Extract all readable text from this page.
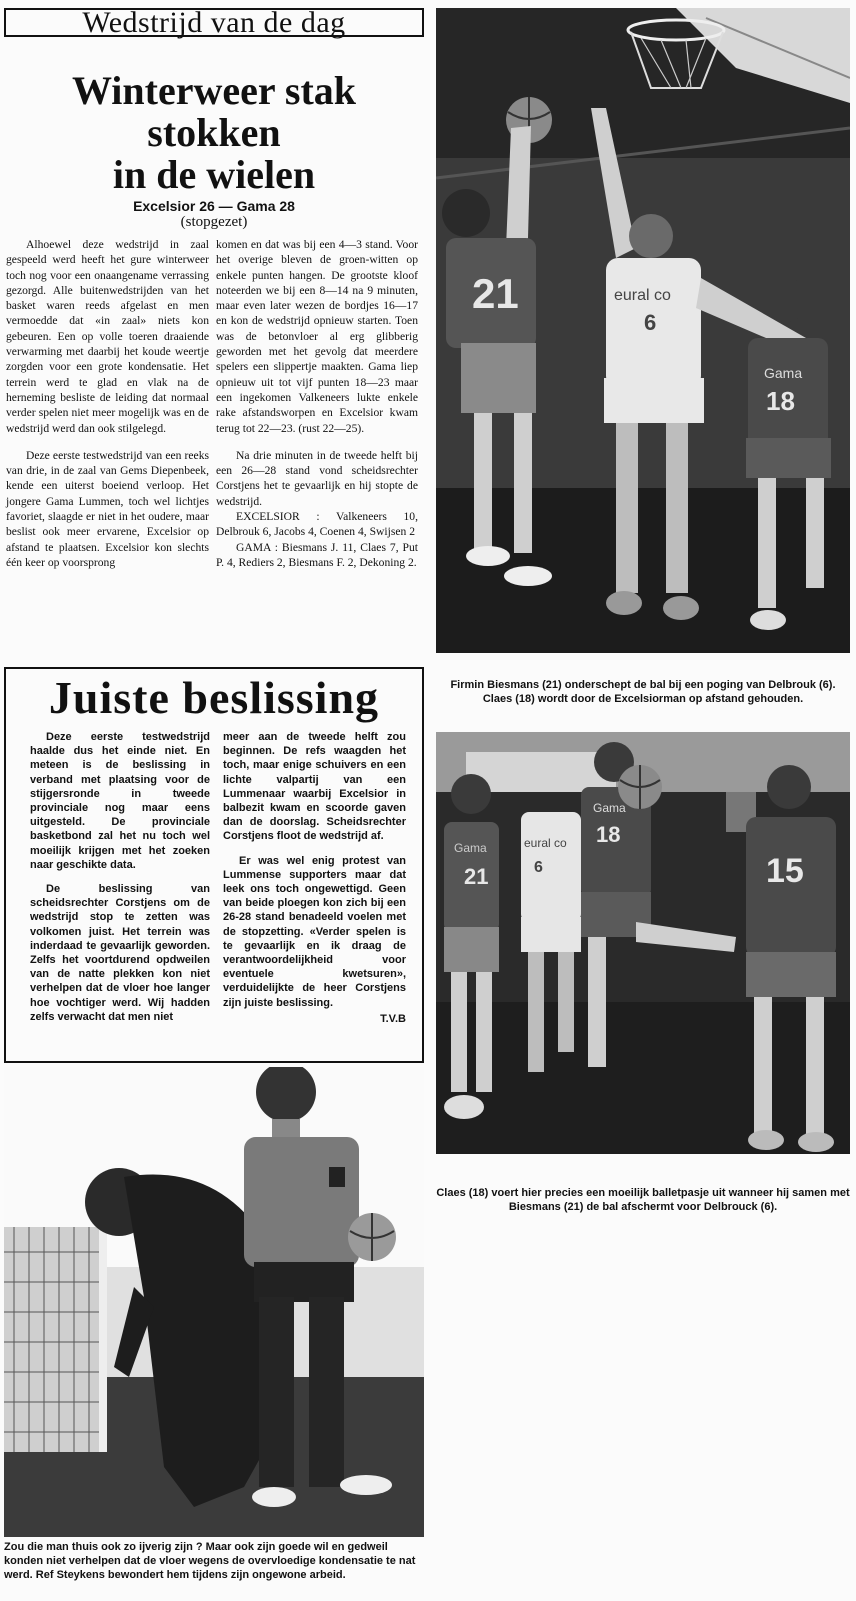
Wedstrijd van de dag
Winterweer stak
stokken
in de wielen
Excelsior 26 — Gama 28
(stopgezet)

Alhoewel deze wedstrijd in zaal gespeeld werd heeft het gure winterweer toch nog voor een onaangename verrassing gezorgd. Alle buitenwedstrijden van het basket waren reeds afgelast en men vermoedde dat «in zaal» niets kon gebeuren. Een op volle toeren draaiende verwarming met daarbij het koude weertje zorgden voor een grote kondensatie. Het terrein werd te glad en vlak na de herneming besliste de leiding dat normaal verder spelen niet meer mogelijk was en de wedstrijd werd dan ook stilgelegd.

Deze eerste testwedstrijd van een reeks van drie, in de zaal van Gems Diepenbeek, kende een uiterst boeiend verloop. Het jongere Gama Lummen, toch wel lichtjes favoriet, slaagde er niet in het oudere, maar beslist ook meer ervarene, Excelsior op afstand te plaatsen. Excelsior kon slechts één keer op voorsprong

komen en dat was bij een 4—3 stand. Voor het overige bleven de groen-witten op enkele punten hangen. De grootste kloof noteerden we bij een 8—14 na 9 minuten, maar even later wezen de bordjes 16—17 en kon de wedstrijd opnieuw starten. Toen was de betonvloer al erg glibberig geworden met het gevolg dat meerdere spelers een slippertje maakten. Gama liep opnieuw uit tot vijf punten 18—23 maar een ingekomen Valkeneers lukte enkele rake afstandsworpen en Excelsior kwam terug tot 22—23. (rust 22—25).

Na drie minuten in de tweede helft bij een 26—28 stand vond scheidsrechter Corstjens het te gevaarlijk en hij stopte de wedstrijd.

EXCELSIOR : Valkeneers 10, Delbrouk 6, Jacobs 4, Coenen 4, Swijsen 2

GAMA : Biesmans J. 11, Claes 7, Put P. 4, Rediers 2, Biesmans F. 2, Dekoning 2.

21	eural co
6
Gama
18
Firmin Biesmans (21) onderschept de bal bij een poging van Delbrouk (6). Claes (18) wordt door de Excelsiorman op afstand gehouden.
Juiste beslissing

Deze eerste testwedstrijd haalde dus het einde niet. En meteen is de beslissing in verband met plaatsing voor de stijgersronde in tweede provinciale nog maar eens uitgesteld. De provinciale basketbond zal het nu toch wel moeilijk krijgen met het zoeken naar geschikte data.

De beslissing van scheidsrechter Corstjens om de wedstrijd stop te zetten was volkomen juist. Het terrein was inderdaad te gevaarlijk geworden. Zelfs het voortdurend opdweilen van de natte plekken kon niet verhelpen dat de vloer hoe langer hoe vochtiger werd. Wij hadden zelfs verwacht dat men niet

meer aan de tweede helft zou beginnen. De refs waagden het toch, maar enige schuivers en een lichte valpartij van een Lummenaar waarbij Excelsior in balbezit kwam en scoorde gaven dan de doorslag. Scheidsrechter Corstjens floot de wedstrijd af.

Er was wel enig protest van Lummense supporters maar dat leek ons toch ongewettigd. Geen van beide ploegen kon zich bij een 26-28 stand benadeeld voelen met de stopzetting. «Verder spelen is te gevaarlijk en ik draag de verantwoordelijkheid voor eventuele kwetsuren», verduidelijkte de heer Corstjens zijn juiste beslissing.

T.V.B
Gama
21
eural co
6
Gama
18
15
Claes (18) voert hier precies een moeilijk balletpasje uit wanneer hij samen met Biesmans (21) de bal afschermt voor Delbrouck (6).
Zou die man thuis ook zo ijverig zijn ? Maar ook zijn goede wil en gedweil konden niet verhelpen dat de vloer wegens de overvloedige kondensatie te nat werd. Ref Steykens bewondert hem tijdens zijn ongewone arbeid.
